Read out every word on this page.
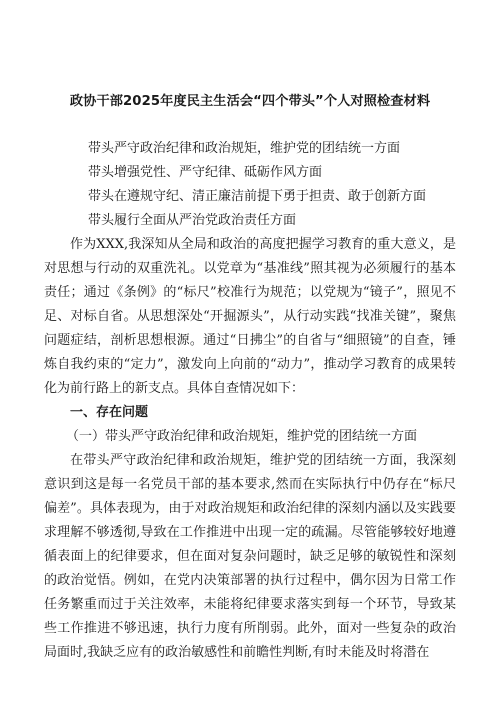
政协干部2025年度民主生活会“四个带头”个人对照检查材料

带头严守政治纪律和政治规矩，维护党的团结统一方面

带头增强党性、严守纪律、砥砺作风方面

带头在遵规守纪、清正廉洁前提下勇于担责、敢于创新方面

带头履行全面从严治党政治责任方面

作为XXX,我深知从全局和政治的高度把握学习教育的重大意义，是对思想与行动的双重洗礼。以党章为“基准线”照其视为必须履行的基本责任；通过《条例》的“标尺”校准行为规范；以党规为“镜子”，照见不足、对标自省。从思想深处“开掘源头”，从行动实践“找准关键”，聚焦问题症结，剖析思想根源。通过“日拂尘”的自省与“细照镜”的自查，锤炼自我约束的“定力”，激发向上向前的“动力”，推动学习教育的成果转化为前行路上的新支点。具体自查情况如下：

一、存在问题
（一）带头严守政治纪律和政治规矩，维护党的团结统一方面

在带头严守政治纪律和政治规矩，维护党的团结统一方面，我深刻意识到这是每一名党员干部的基本要求,然而在实际执行中仍存在“标尺偏差”。具体表现为，由于对政治规矩和政治纪律的深刻内涵以及实践要求理解不够透彻,导致在工作推进中出现一定的疏漏。尽管能够较好地遵循表面上的纪律要求，但在面对复杂问题时，缺乏足够的敏锐性和深刻的政治觉悟。例如，在党内决策部署的执行过程中，偶尔因为日常工作任务繁重而过于关注效率，未能将纪律要求落实到每一个环节，导致某些工作推进不够迅速，执行力度有所削弱。此外，面对一些复杂的政治局面时,我缺乏应有的政治敏感性和前瞻性判断,有时未能及时将潜在
